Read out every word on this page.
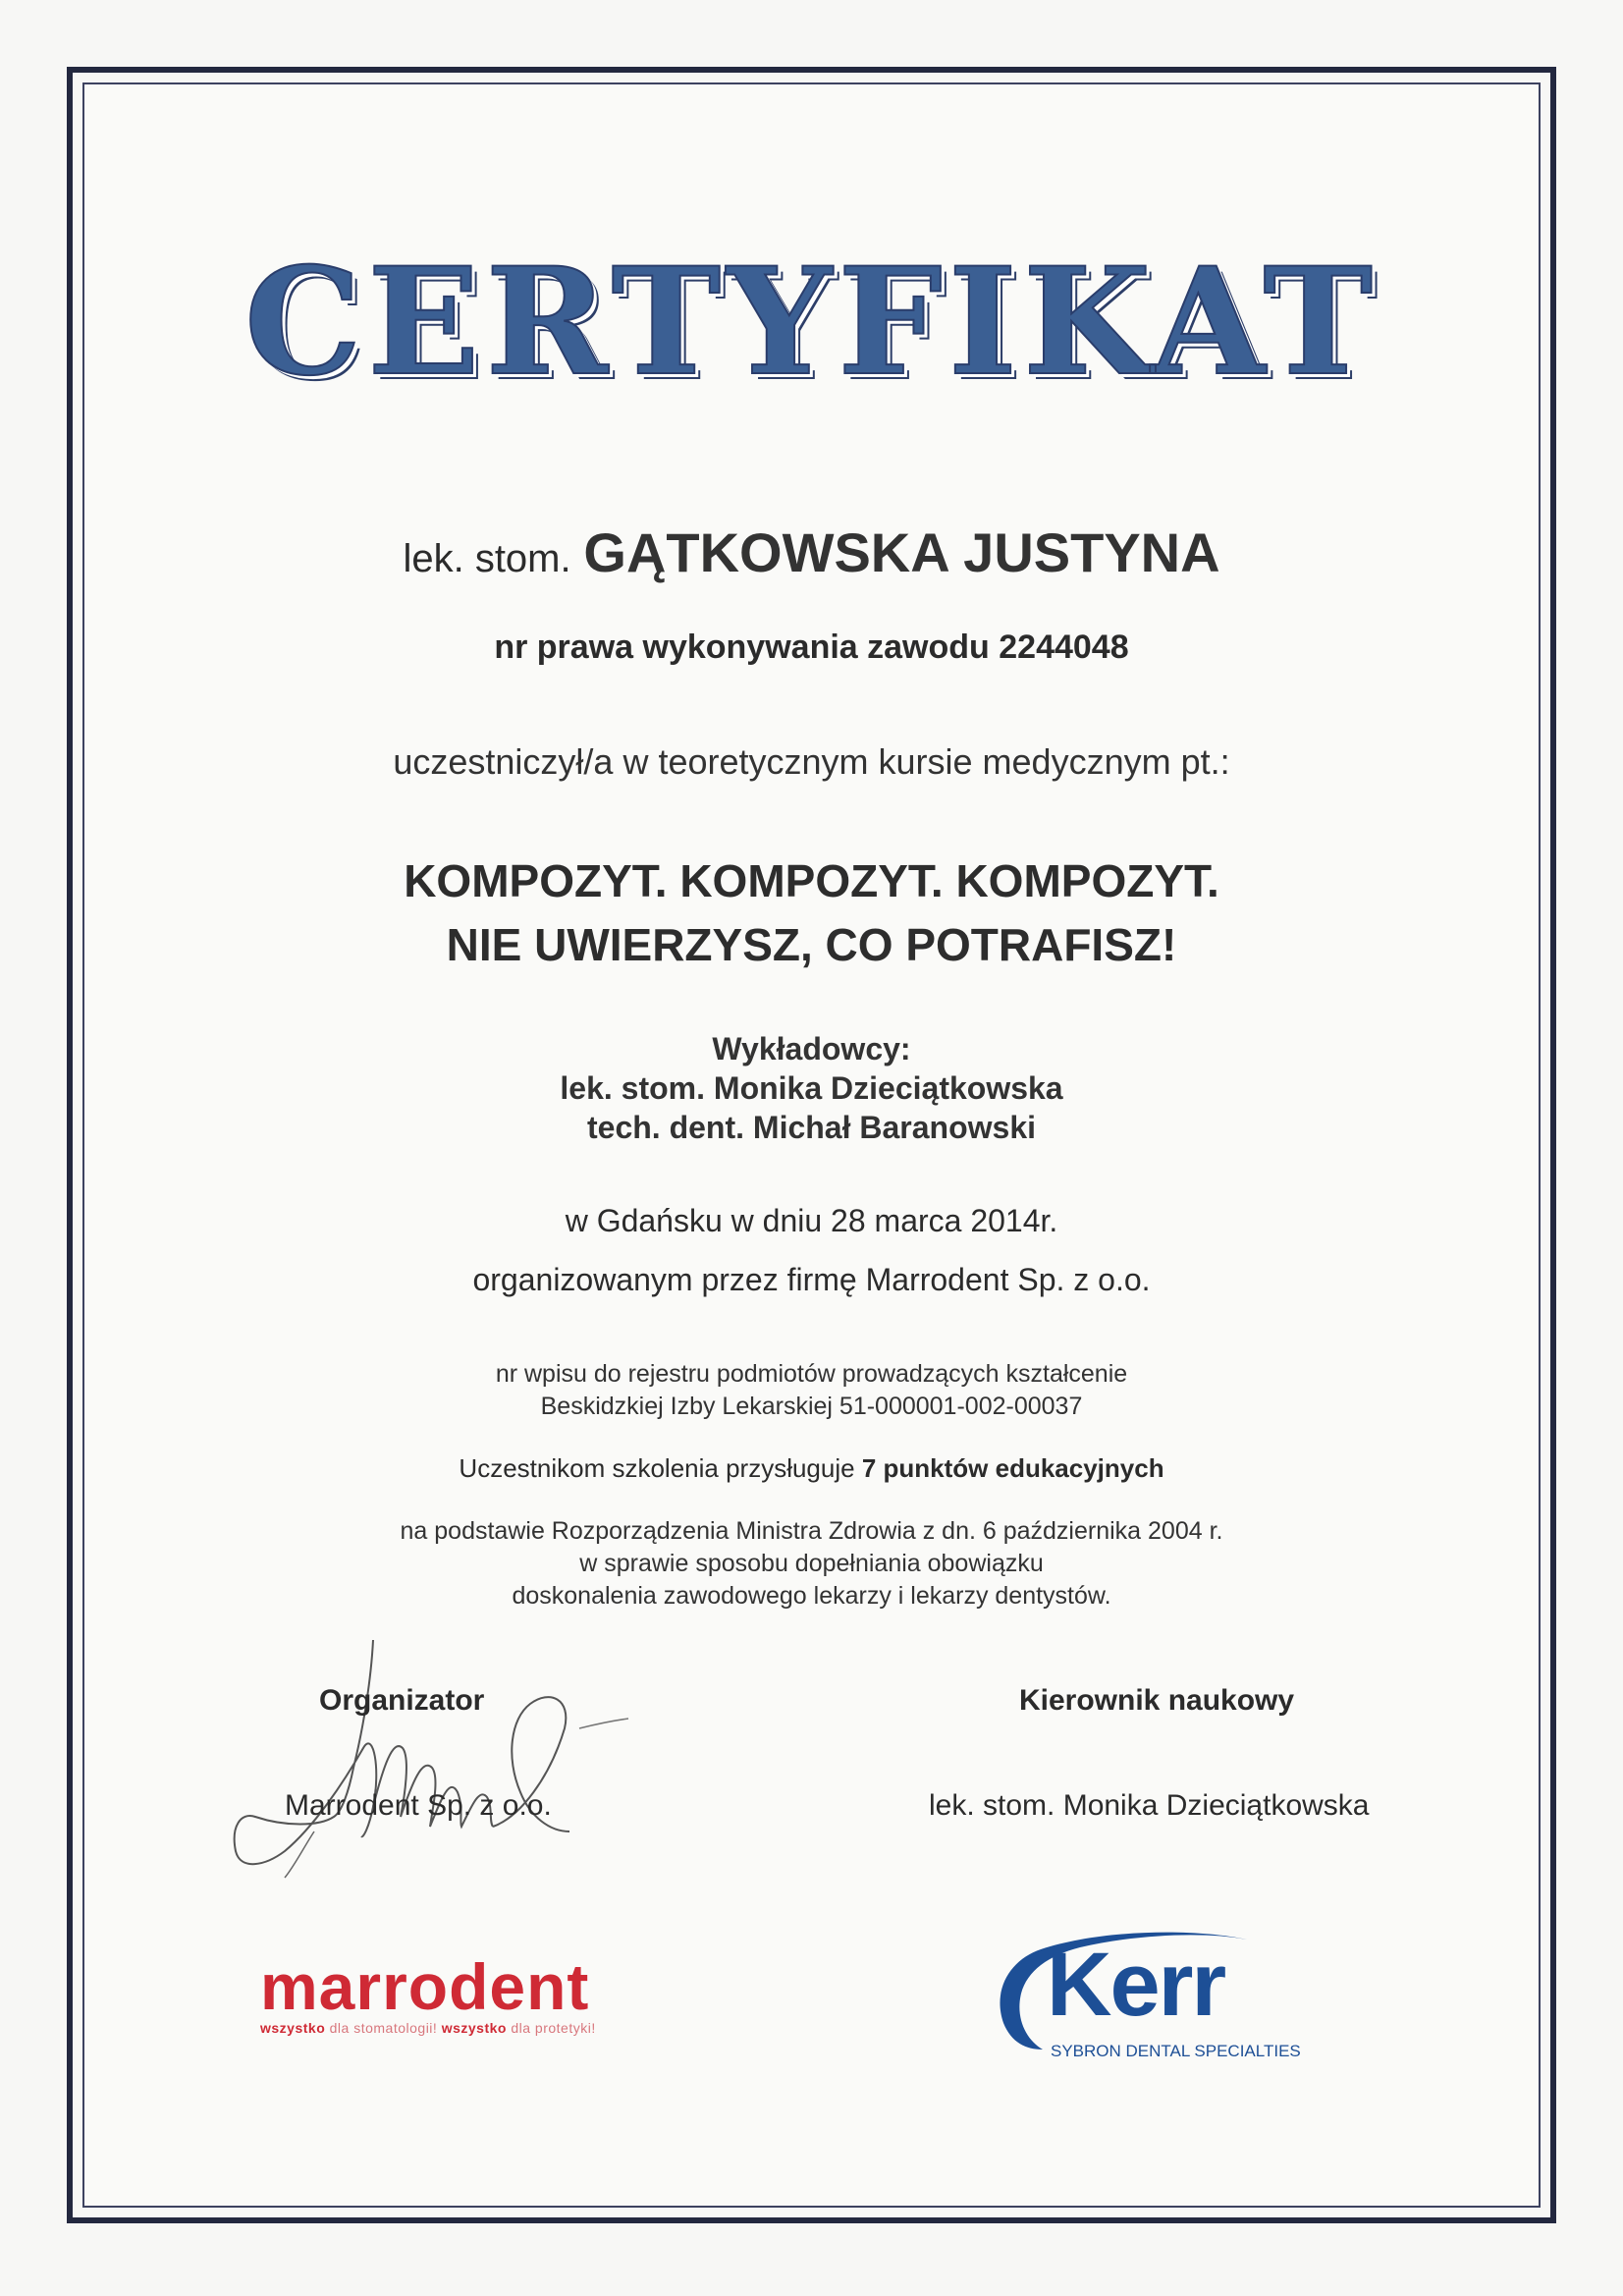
CERTYFIKAT
lek. stom. GĄTKOWSKA JUSTYNA
nr prawa wykonywania zawodu 2244048
uczestniczył/a w teoretycznym kursie medycznym pt.:
KOMPOZYT. KOMPOZYT. KOMPOZYT.
NIE UWIERZYSZ, CO POTRAFISZ!
Wykładowcy:
lek. stom. Monika Dzieciątkowska
tech. dent. Michał Baranowski
w Gdańsku w dniu 28 marca 2014r.
organizowanym przez firmę Marrodent Sp. z o.o.
nr wpisu do rejestru podmiotów prowadzących kształcenie
Beskidzkiej Izby Lekarskiej 51-000001-002-00037
Uczestnikom szkolenia przysługuje 7 punktów edukacyjnych
na podstawie Rozporządzenia Ministra Zdrowia z dn. 6 października 2004 r.
w sprawie sposobu dopełniania obowiązku
doskonalenia zawodowego lekarzy i lekarzy dentystów.
Organizator
Marrodent Sp. z o.o.
Kierownik naukowy
lek. stom. Monika Dzieciątkowska
marrodent
wszystko dla stomatologii! wszystko dla protetyki!	Kerr
SYBRON DENTAL SPECIALTIES
